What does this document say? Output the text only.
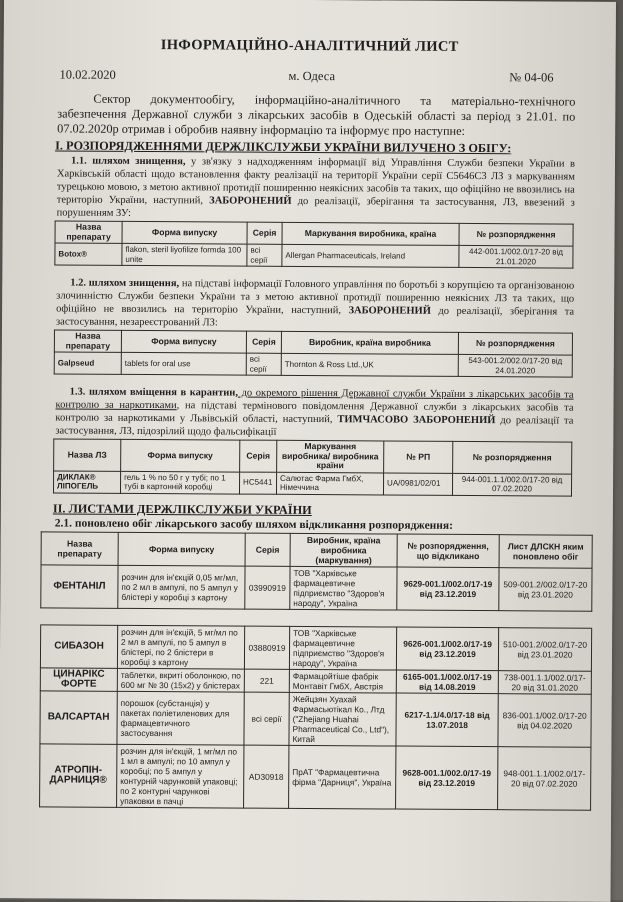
ІНФОРМАЦІЙНО-АНАЛІТИЧНИЙ ЛИСТ
10.02.2020	м. Одеса	№ 04-06
Сектор документообігу, інформаційно-аналітичного та матеріально-технічного забезпечення Державної служби з лікарських засобів в Одеській області за період з 21.01. по 07.02.2020р отримав і обробив наявну інформацію та інформує про наступне:
І. РОЗПОРЯДЖЕННЯМИ ДЕРЖЛІКСЛУЖБИ УКРАЇНИ ВИЛУЧЕНО З ОБІГУ:
1.1. шляхом знищення, у зв'язку з надходженням інформації від Управління Служби безпеки України в Харківській області щодо встановлення факту реалізації на території України серії C5646C3 ЛЗ з маркуванням турецькою мовою, з метою активної протидії поширенню неякісних засобів та таких, що офіційно не ввозились на територію України, наступний, ЗАБОРОНЕНИЙ до реалізації, зберігання та застосування, ЛЗ, ввезений з порушенням ЗУ:
Назва препарату	Форма випуску	Серія	Маркування виробника, країна	№ розпорядження
Botox®	flakon, steril liyofilize formda 100 unite	всі серії	Allergan Pharmaceuticals, Ireland	442-001.1/002.0/17-20 від 21.01.2020
1.2. шляхом знищення, на підставі інформації Головного управління по боротьбі з корупцією та організованою злочинністю Служби безпеки України та з метою активної протидії поширенню неякісних ЛЗ та таких, що офіційно не ввозились на територію України, наступний, ЗАБОРОНЕНИЙ до реалізації, зберігання та застосування, незареєстрований ЛЗ:
Назва препарату	Форма випуску	Серія	Виробник, країна виробника	№ розпорядження
Galpseud	tablets for oral use	всі серії	Thornton & Ross Ltd.,UK	543-001.2/002.0/17-20 від 24.01.2020
1.3. шляхом вміщення в карантин, до окремого рішення Державної служби України з лікарських засобів та контролю за наркотиками, на підставі термінового повідомлення Державної служби з лікарських засобів та контролю за наркотиками у Львівській області, наступний, ТИМЧАСОВО ЗАБОРОНЕНИЙ до реалізації та застосування, ЛЗ, підозрілий щодо фальсифікації
Назва ЛЗ	Форма випуску	Серія	Маркування виробника/ виробника країни	№ РП	№ розпорядження
ДИКЛАК® ЛІПОГЕЛЬ	гель 1 % по 50 г у тубі; по 1 тубі в картонній коробці	HC5441	Салютас Фарма ГмбХ, Німеччина	UA/0981/02/01	944-001.1.1/002.0/17-20 від 07.02.2020
ІІ. ЛИСТАМИ ДЕРЖЛІКСЛУЖБИ УКРАЇНИ
2.1. поновлено обіг лікарського засобу шляхом відкликання розпорядження:
Назва препарату	Форма випуску	Серія	Виробник, країна виробника (маркування)	№ розпорядження, що відкликано	Лист ДЛСКН яким поновлено обіг
ФЕНТАНІЛ	розчин для ін'єкцій 0,05 мг/мл, по 2 мл в ампулі, по 5 ампул у блістері у коробці з картону	03990919	ТОВ "Харківське фармацевтичне підприємство "Здоров'я народу", Україна	9629-001.1/002.0/17-19 від 23.12.2019	509-001.2/002.0/17-20 від 23.01.2020

СИБАЗОН	розчин для ін'єкцій, 5 мг/мл по 2 мл в ампулі, по 5 ампул в блістері, по 2 блістери в коробці з картону	03880919	ТОВ "Харківське фармацевтичне підприємство "Здоров'я народу", Україна	9626-001.1/002.0/17-19 від 23.12.2019	510-001.2/002.0/17-20 від 23.01.2020
ЦИНАРІКС ФОРТЕ	таблетки, вкриті оболонкою, по 600 мг № 30 (15x2) у блістерах	221	Фармацойтіше фабрік Монтавіт ГмбХ, Австрія	6165-001.1/002.0/17-19 від 14.08.2019	738-001.1.1/002.0/17-20 від 31.01.2020
ВАЛСАРТАН	порошок (субстанція) у пакетах поліетиленових для фармацевтичного застосування	всі серії	Жейцзян Хуахай Фармасьютікал Ко., Лтд ("Zhejiang Huahai Pharmaceutical Co., Ltd"), Китай	6217-1.1/4.0/17-18 від 13.07.2018	836-001.1/002.0/17-20 від 04.02.2020
АТРОПІН-ДАРНИЦЯ®	розчин для ін'єкцій, 1 мг/мл по 1 мл в ампулі; по 10 ампул у коробці; по 5 ампул у контурній чарунковій упаковці; по 2 контурні чарункові упаковки в пачці	AD30918	ПрАТ "Фармацевтична фірма "Дарниця", Україна	9628-001.1/002.0/17-19 від 23.12.2019	948-001.1.1/002.0/17-20 від 07.02.2020
